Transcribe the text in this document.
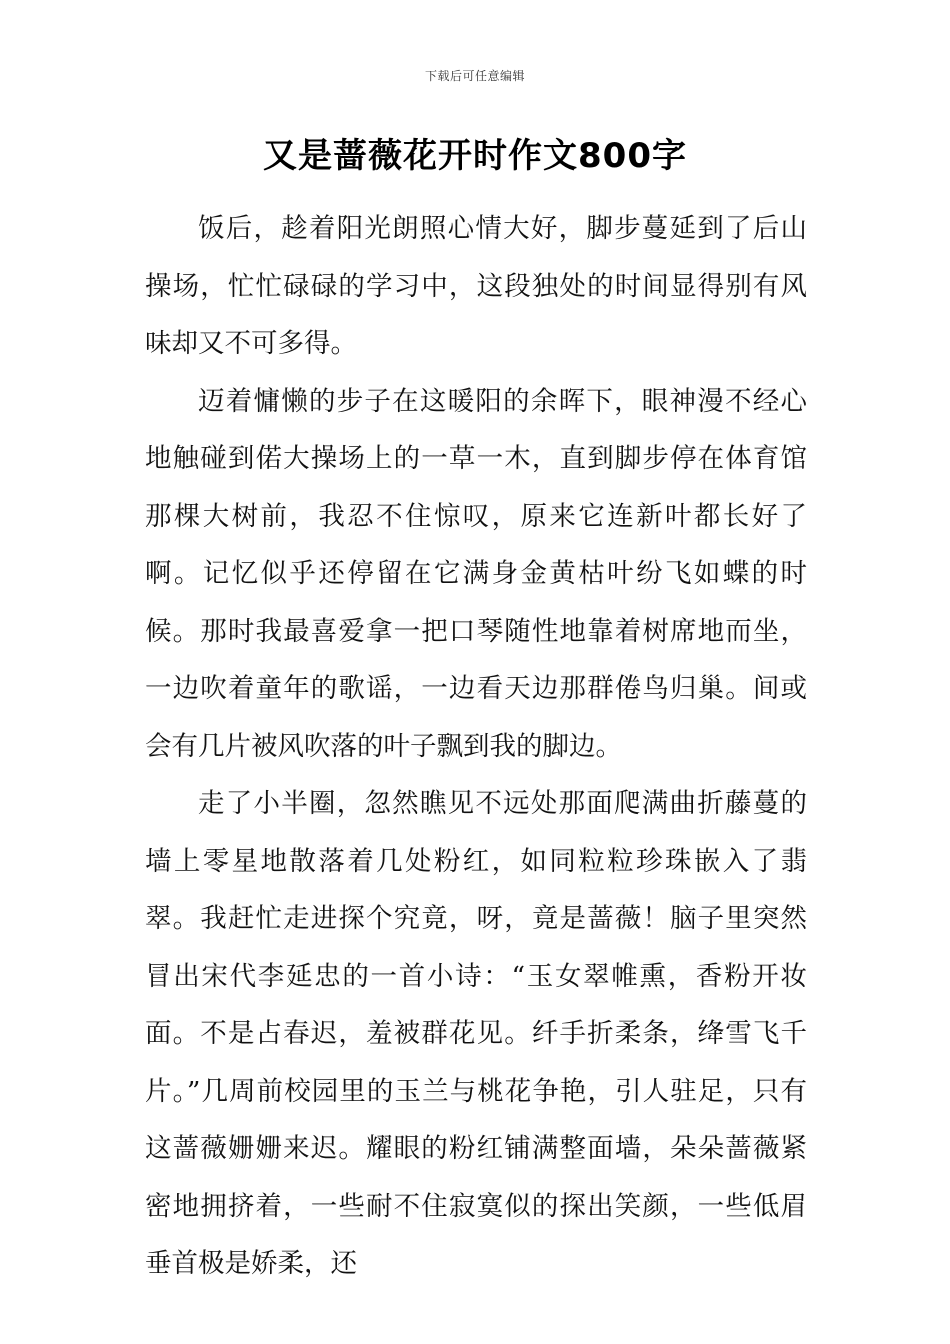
下载后可任意编辑
又是蔷薇花开时作文800字

饭后，趁着阳光朗照心情大好，脚步蔓延到了后山操场，忙忙碌碌的学习中，这段独处的时间显得别有风味却又不可多得。

迈着慵懒的步子在这暖阳的余晖下，眼神漫不经心地触碰到偌大操场上的一草一木，直到脚步停在体育馆那棵大树前，我忍不住惊叹，原来它连新叶都长好了啊。记忆似乎还停留在它满身金黄枯叶纷飞如蝶的时候。那时我最喜爱拿一把口琴随性地靠着树席地而坐，一边吹着童年的歌谣，一边看天边那群倦鸟归巢。间或会有几片被风吹落的叶子飘到我的脚边。

走了小半圈，忽然瞧见不远处那面爬满曲折藤蔓的墙上零星地散落着几处粉红，如同粒粒珍珠嵌入了翡翠。我赶忙走进探个究竟，呀，竟是蔷薇！脑子里突然冒出宋代李延忠的一首小诗：“玉女翠帷熏，香粉开妆面。不是占春迟，羞被群花见。纤手折柔条，绛雪飞千片。”几周前校园里的玉兰与桃花争艳，引人驻足，只有这蔷薇姗姗来迟。耀眼的粉红铺满整面墙，朵朵蔷薇紧密地拥挤着，一些耐不住寂寞似的探出笑颜，一些低眉垂首极是娇柔，还
